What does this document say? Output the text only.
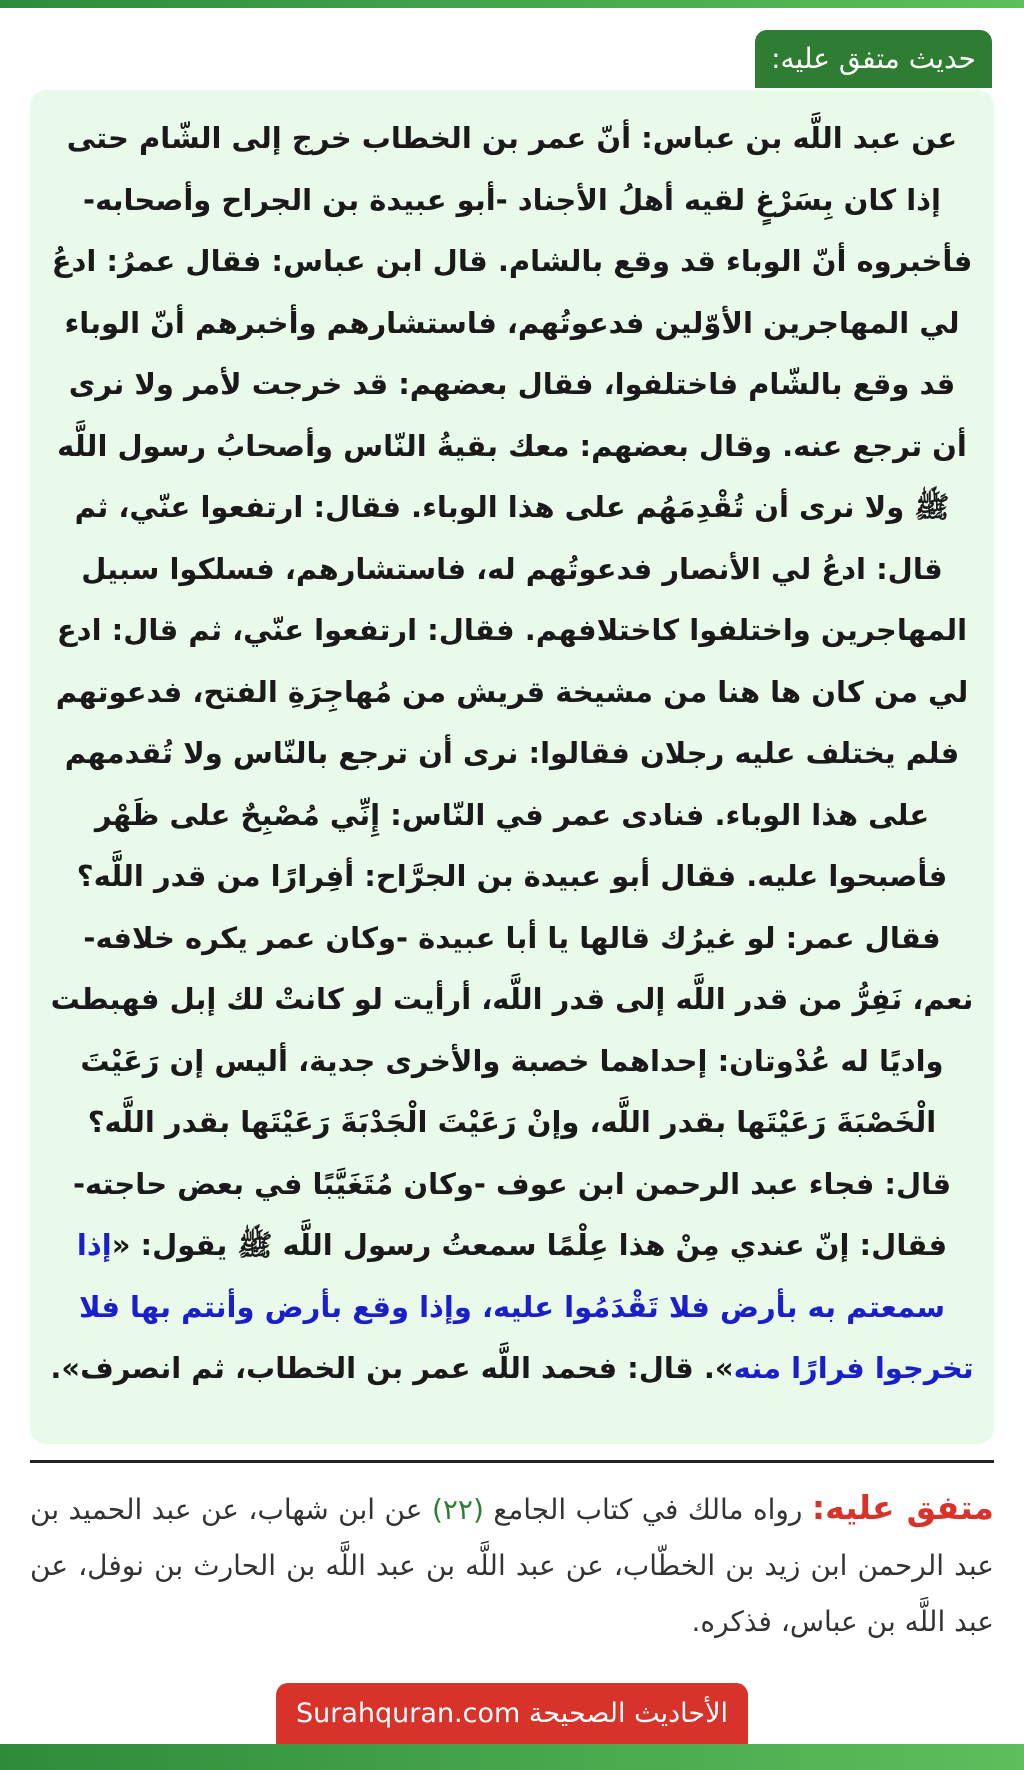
حديث متفق عليه:

عن عبد اللَّه بن عباس: أنّ عمر بن الخطاب خرج إلى الشّام حتى إذا كان بِسَرْغٍ لقيه أهلُ الأجناد -أبو عبيدة بن الجراح وأصحابه- فأخبروه أنّ الوباء قد وقع بالشام. قال ابن عباس: فقال عمرُ: ادعُ لي المهاجرين الأوّلين فدعوتُهم، فاستشارهم وأخبرهم أنّ الوباء قد وقع بالشّام فاختلفوا، فقال بعضهم: قد خرجت لأمر ولا نرى أن ترجع عنه. وقال بعضهم: معك بقيةُ النّاس وأصحابُ رسول اللَّه ﷺ ولا نرى أن تُقْدِمَهُم على هذا الوباء. فقال: ارتفعوا عنّي، ثم قال: ادعُ لي الأنصار فدعوتُهم له، فاستشارهم، فسلكوا سبيل المهاجرين واختلفوا كاختلافهم. فقال: ارتفعوا عنّي، ثم قال: ادع لي من كان ها هنا من مشيخة قريش من مُهاجِرَةِ الفتح، فدعوتهم فلم يختلف عليه رجلان فقالوا: نرى أن ترجع بالنّاس ولا تُقدمهم على هذا الوباء. فنادى عمر في النّاس: إِنِّي مُصْبِحٌ على ظَهْر فأصبحوا عليه. فقال أبو عبيدة بن الجرَّاح: أفِرارًا من قدر اللَّه؟ فقال عمر: لو غيرُك قالها يا أبا عبيدة -وكان عمر يكره خلافه- نعم، نَفِرُّ من قدر اللَّه إلى قدر اللَّه، أرأيت لو كانتْ لك إبل فهبطت واديًا له عُدْوتان: إحداهما خصبة والأخرى جدية، أليس إن رَعَيْتَ الْخَصْبَةَ رَعَيْتَها بقدر اللَّه، وإنْ رَعَيْتَ الْجَدْبَةَ رَعَيْتَها بقدر اللَّه؟ قال: فجاء عبد الرحمن ابن عوف -وكان مُتَغَيَّبًا في بعض حاجته- فقال: إنّ عندي مِنْ هذا عِلْمًا سمعتُ رسول اللَّه ﷺ يقول: «إذا سمعتم به بأرض فلا تَقْدَمُوا عليه، وإذا وقع بأرض وأنتم بها فلا تخرجوا فرارًا منه». قال: فحمد اللَّه عمر بن الخطاب، ثم انصرف».

متفق عليه: رواه مالك في كتاب الجامع (٢٢) عن ابن شهاب، عن عبد الحميد بن عبد الرحمن ابن زيد بن الخطّاب، عن عبد اللَّه بن عبد اللَّه بن الحارث بن نوفل، عن عبد اللَّه بن عباس، فذكره.

الأحاديث الصحيحة Surahquran.com
